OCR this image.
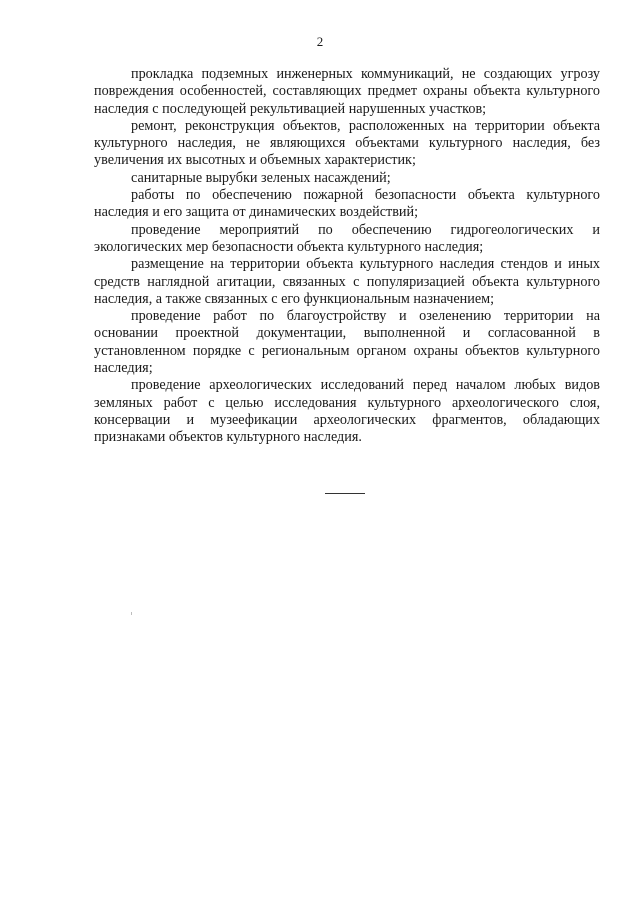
2

прокладка подземных инженерных коммуникаций, не создающих угрозу повреждения особенностей, составляющих предмет охраны объекта культурного наследия с последующей рекультивацией нарушенных участков;

ремонт, реконструкция объектов, расположенных на территории объекта культурного наследия, не являющихся объектами культурного наследия, без увеличения их высотных и объемных характеристик;

санитарные вырубки зеленых насаждений;

работы по обеспечению пожарной безопасности объекта культурного наследия и его защита от динамических воздействий;

проведение мероприятий по обеспечению гидрогеологических и экологических мер безопасности объекта культурного наследия;

размещение на территории объекта культурного наследия стендов и иных средств наглядной агитации, связанных с популяризацией объекта культурного наследия, а также связанных с его функциональным назначением;

проведение работ по благоустройству и озеленению территории на основании проектной документации, выполненной и согласованной в установленном порядке с региональным органом охраны объектов культурного наследия;

проведение археологических исследований перед началом любых видов земляных работ с целью исследования культурного археологического слоя, консервации и музеефикации археологических фрагментов, обладающих признаками объектов культурного наследия.
